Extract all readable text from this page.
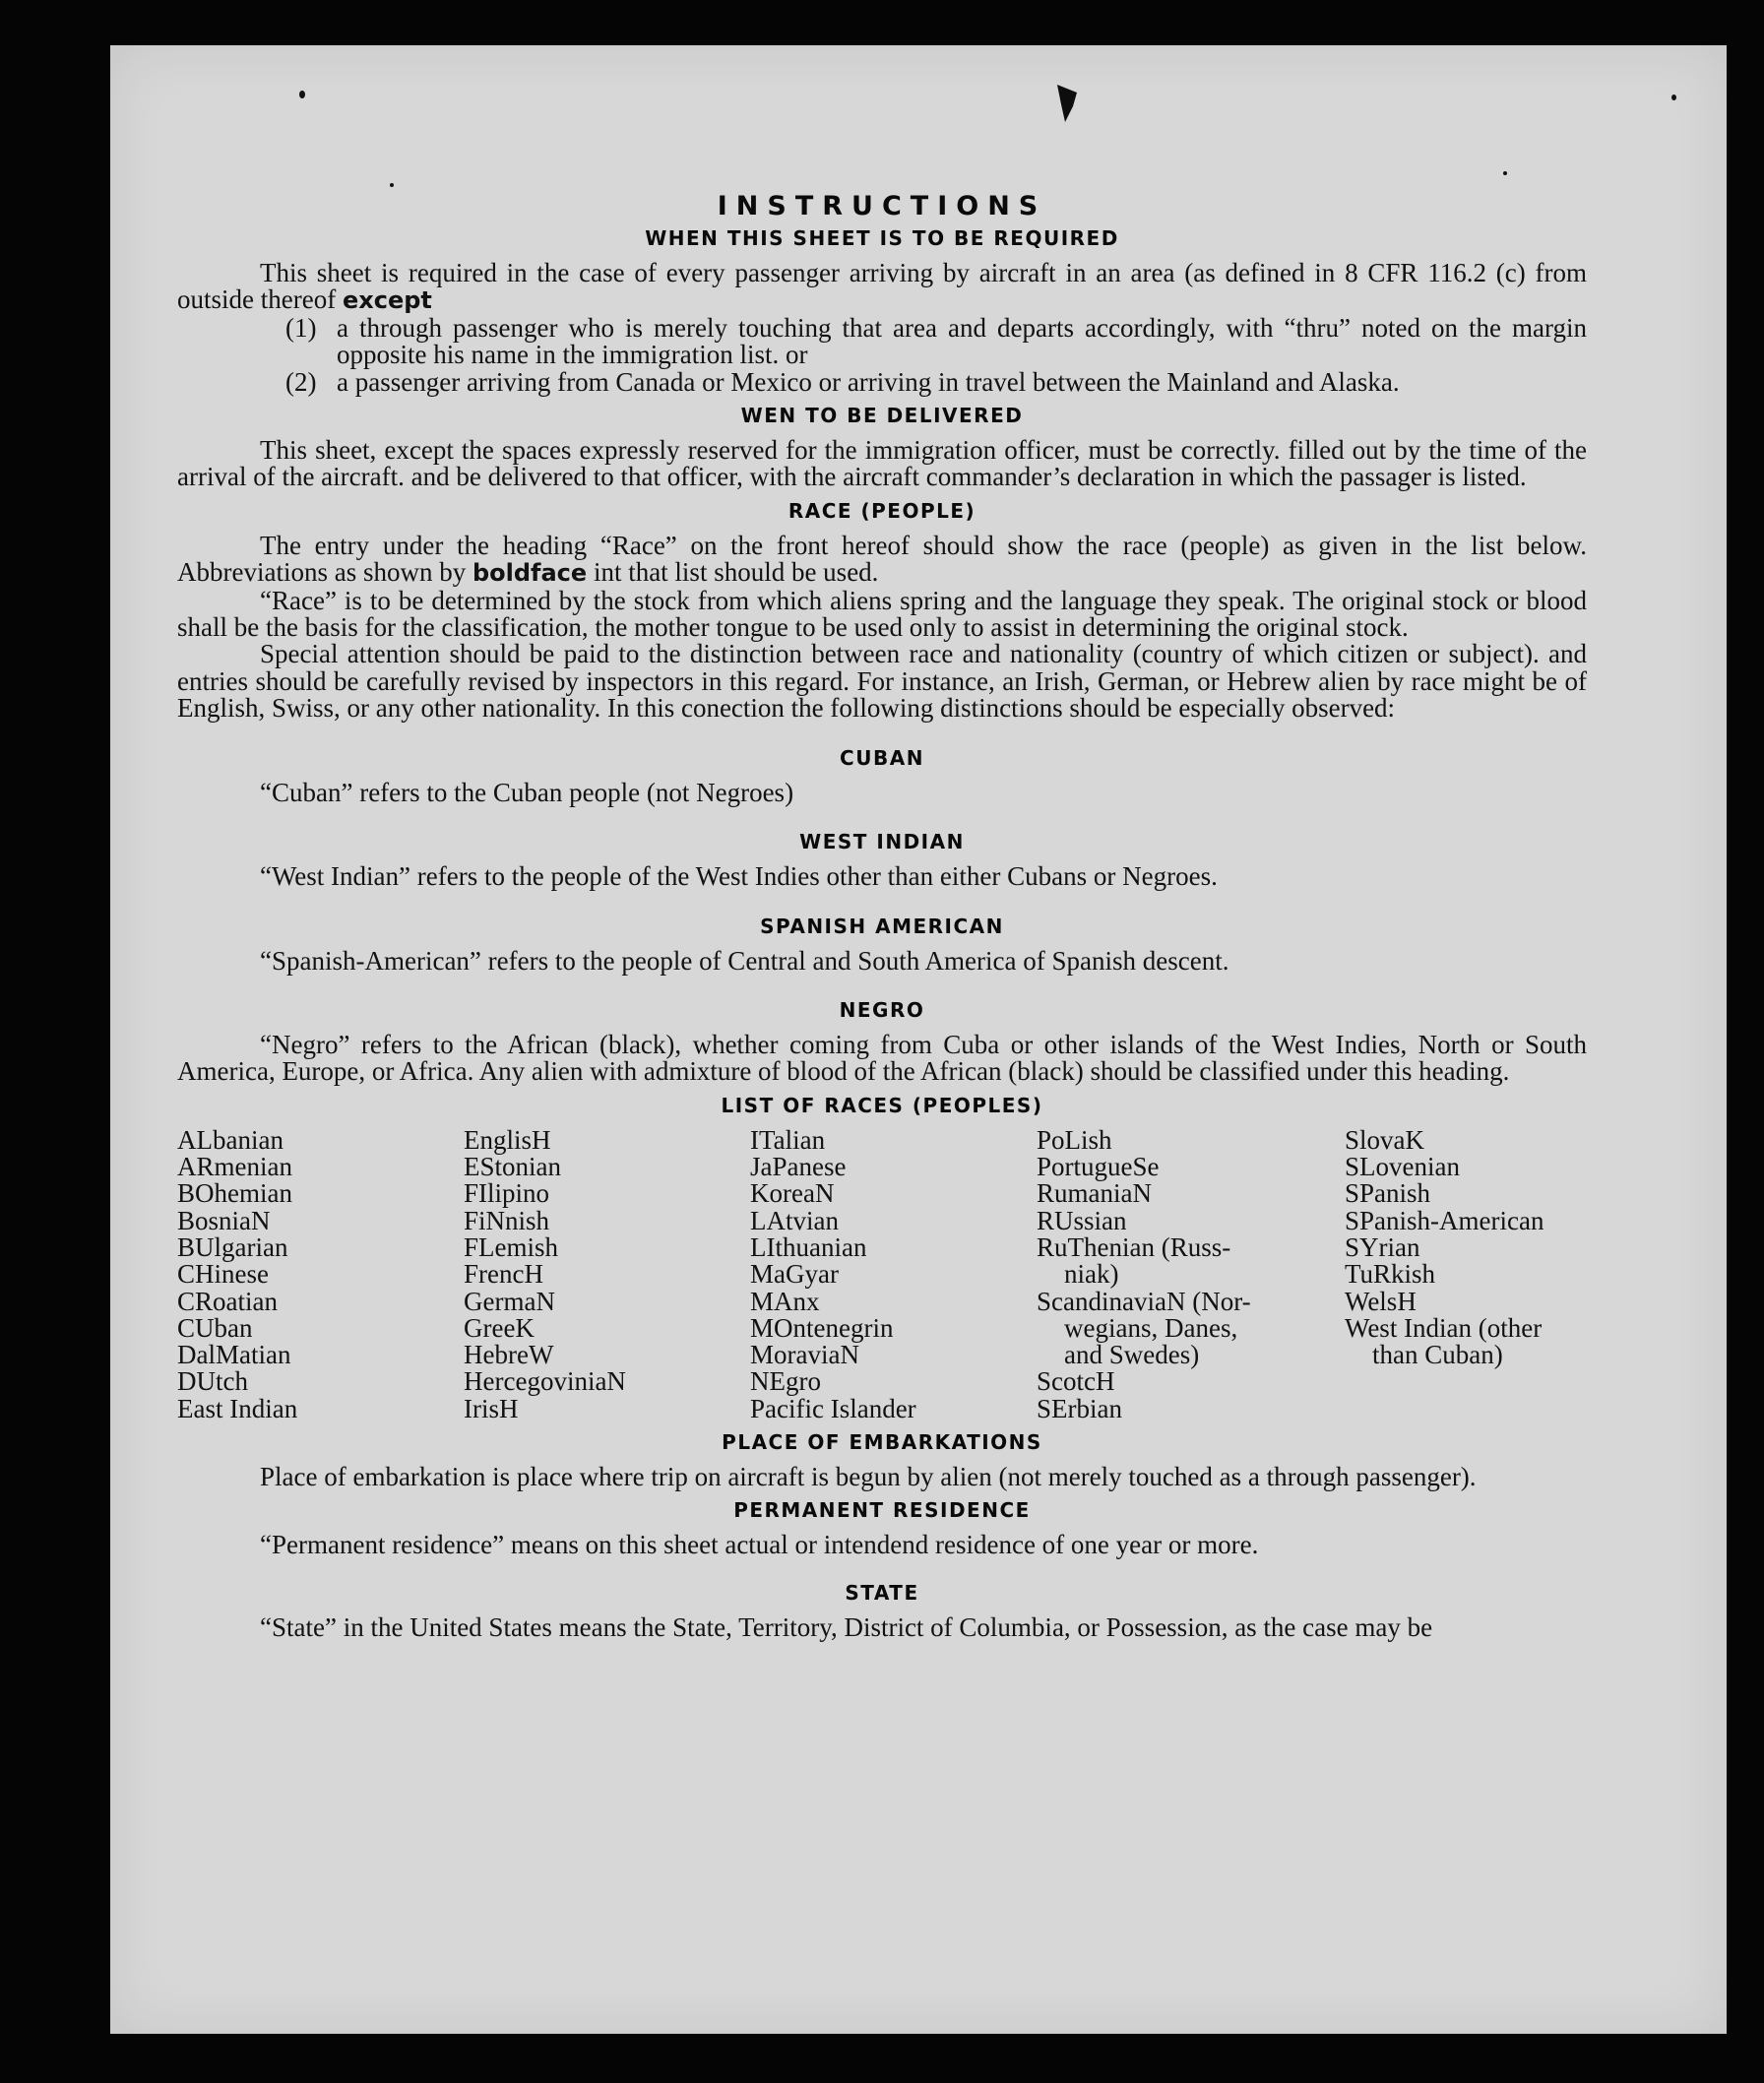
INSTRUCTIONS
WHEN THIS SHEET IS TO BE REQUIRED

This sheet is required in the case of every passenger arriving by aircraft in an area (as defined in 8 CFR 116.2 (c) from outside thereof except

(1) a through passenger who is merely touching that area and departs accordingly, with “thru” noted on the margin opposite his name in the immigration list. or
(2) a passenger arriving from Canada or Mexico or arriving in travel between the Mainland and Alaska.
WEN TO BE DELIVERED

This sheet, except the spaces expressly reserved for the immigration officer, must be correctly. filled out by the time of the arrival of the aircraft. and be delivered to that officer, with the aircraft commander’s declaration in which the passager is listed.

RACE (PEOPLE)

The entry under the heading “Race” on the front hereof should show the race (people) as given in the list below. Abbreviations as shown by boldface int that list should be used.

“Race” is to be determined by the stock from which aliens spring and the language they speak. The original stock or blood shall be the basis for the classification, the mother tongue to be used only to assist in determining the original stock.

Special attention should be paid to the distinction between race and nationality (country of which citizen or subject). and entries should be carefully revised by inspectors in this regard. For instance, an Irish, German, or Hebrew alien by race might be of English, Swiss, or any other nationality. In this conection the following distinctions should be especially observed:

CUBAN

“Cuban” refers to the Cuban people (not Negroes)

WEST INDIAN

“West Indian” refers to the people of the West Indies other than either Cubans or Negroes.

SPANISH AMERICAN

“Spanish-American” refers to the people of Central and South America of Spanish descent.

NEGRO

“Negro” refers to the African (black), whether coming from Cuba or other islands of the West Indies, North or South America, Europe, or Africa. Any alien with admixture of blood of the African (black) should be classified under this heading.

LIST OF RACES (PEOPLES)
ALbanian
ARmenian
BOhemian
BosniaN
BUlgarian
CHinese
CRoatian
CUban
DalMatian
DUtch
East Indian
EnglisH
EStonian
FIlipino
FiNnish
FLemish
FrencH
GermaN
GreeK
HebreW
HercegoviniaN
IrisH
ITalian
JaPanese
KoreaN
LAtvian
LIthuanian
MaGyar
MAnx
MOntenegrin
MoraviaN
NEgro
Pacific Islander
PoLish
PortugueSe
RumaniaN
RUssian
RuThenian (Russ-
niak)
ScandinaviaN (Nor-
wegians, Danes,
and Swedes)
ScotcH
SErbian
SlovaK
SLovenian
SPanish
SPanish-American
SYrian
TuRkish
WelsH
West Indian (other
than Cuban)
PLACE OF EMBARKATIONS

Place of embarkation is place where trip on aircraft is begun by alien (not merely touched as a through passenger).

PERMANENT RESIDENCE

“Permanent residence” means on this sheet actual or intendend residence of one year or more.

STATE

“State” in the United States means the State, Territory, District of Columbia, or Possession, as the case may be
